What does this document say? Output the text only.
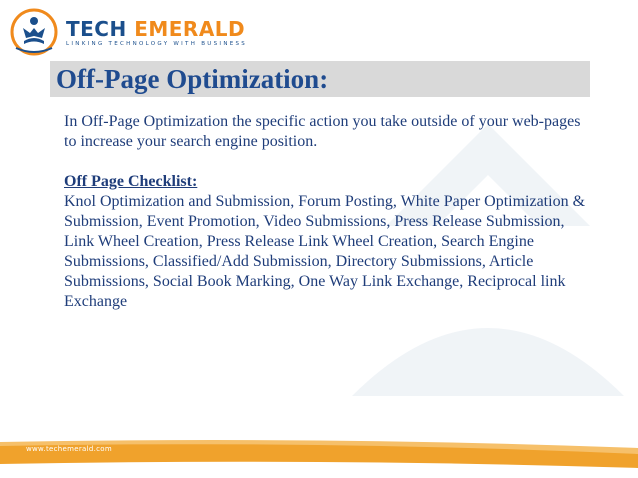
TECH EMERALD
LINKING TECHNOLOGY WITH BUSINESS
Off-Page Optimization:

In Off-Page Optimization the specific action you take outside of your web-pages to increase your search engine position.

Off Page Checklist:

Knol Optimization and Submission, Forum Posting, White Paper Optimization & Submission, Event Promotion, Video Submissions, Press Release Submission, Link Wheel Creation, Press Release Link Wheel Creation, Search Engine Submissions, Classified/Add Submission, Directory Submissions, Article Submissions, Social Book Marking, One Way Link Exchange, Reciprocal link Exchange

www.techemerald.com
